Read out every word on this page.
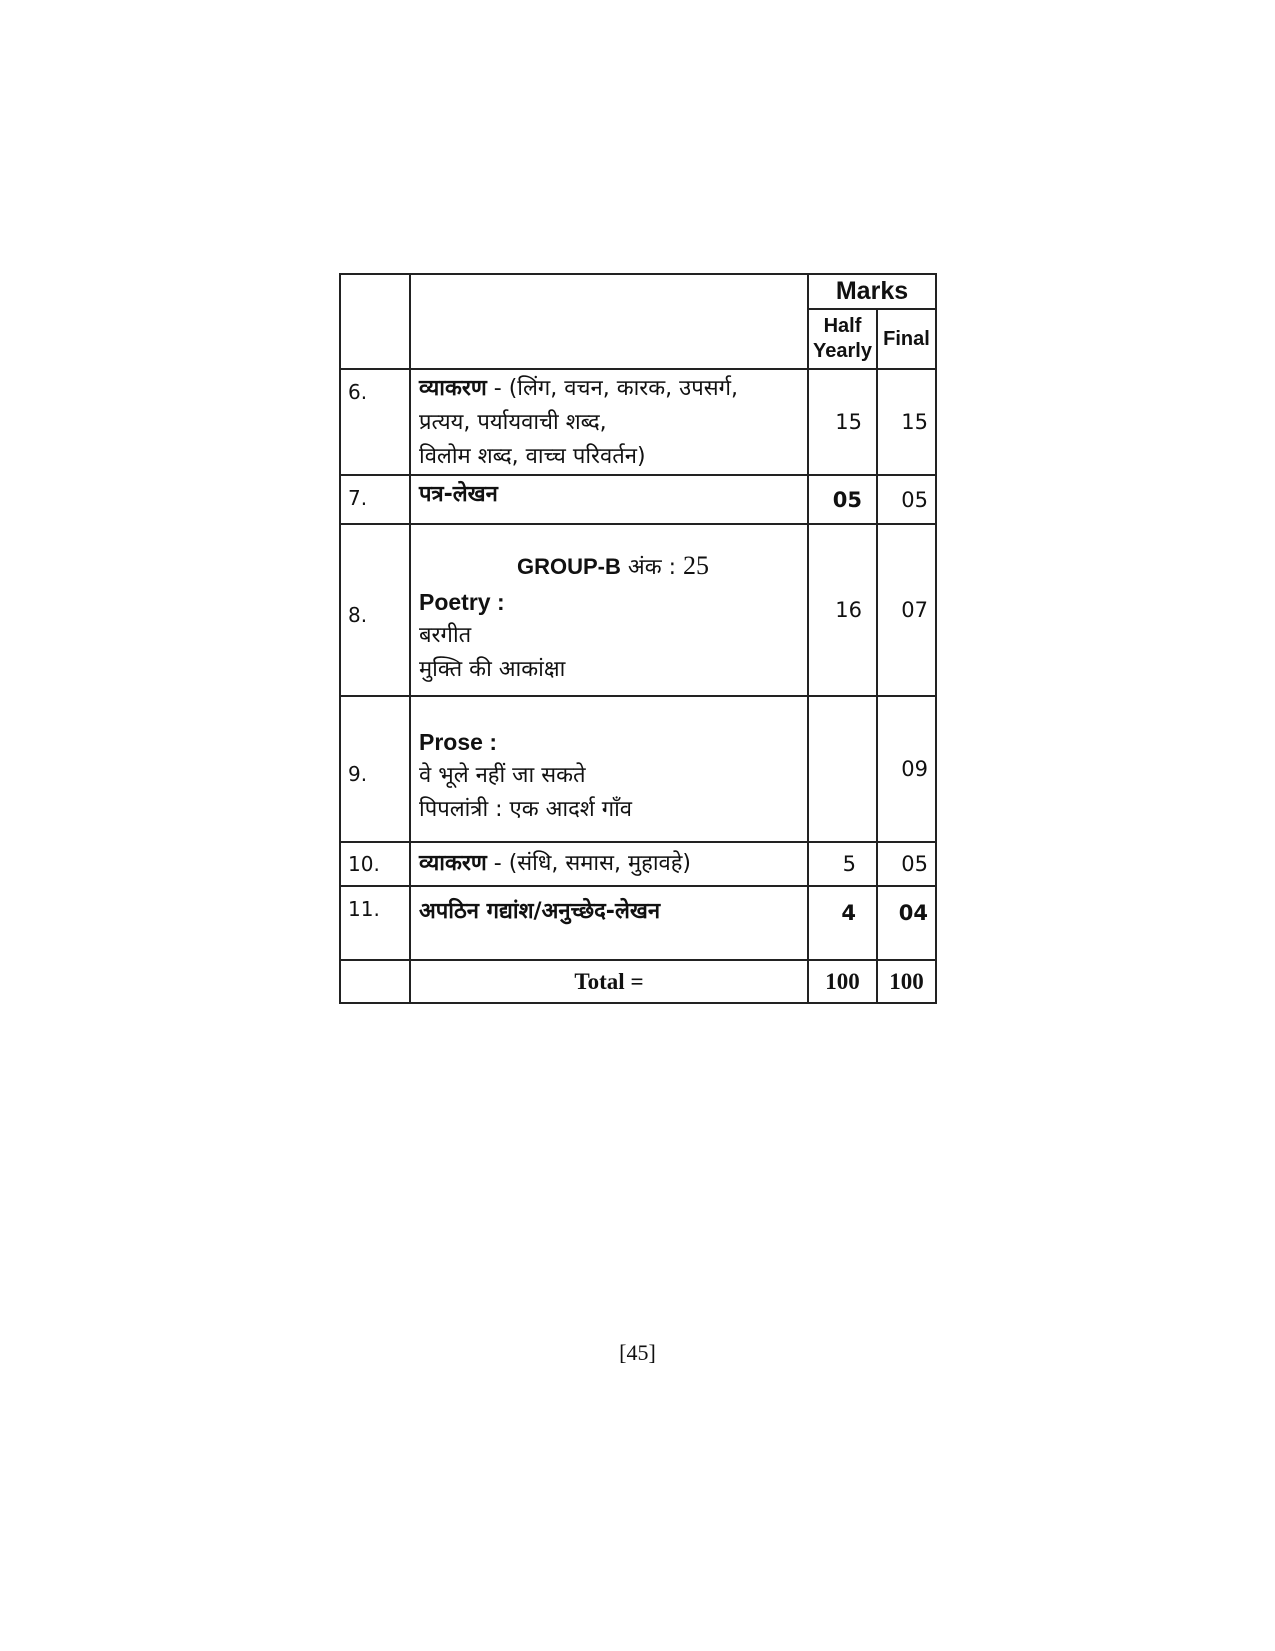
		Marks	
		Half
Yearly	Final
6.	व्याकरण - (लिंग, वचन, कारक, उपसर्ग,
प्रत्यय, पर्यायवाची शब्द,
विलोम शब्द, वाच्च परिवर्तन)	15	15
7.	पत्र-लेखन	05	05
8.	GROUP-B अंक : 25
Poetry :
बरगीत
मुक्ति की आकांक्षा	16	07
9.	Prose :
वे भूले नहीं जा सकते
पिपलांत्री : एक आदर्श गाँव		09
10.	व्याकरण - (संधि, समास, मुहावहे)	5	05
11.	अपठिन गद्यांश/अनुच्छेद-लेखन	4	04
	Total =	100	100
[45]
